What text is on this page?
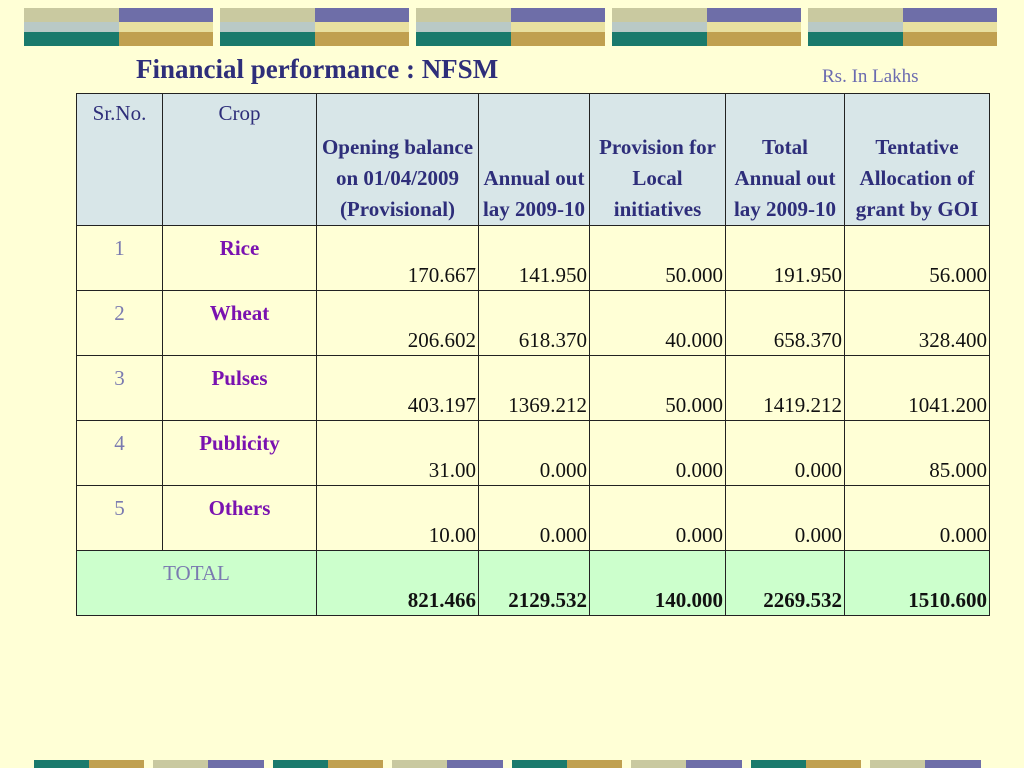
Financial performance : NFSM	Rs. In Lakhs
Sr.No.	Crop	Opening balance on 01/04/2009 (Provisional)	Annual out lay 2009-10	Provision for Local initiatives	Total Annual out lay 2009-10	Tentative Allocation of grant by GOI
1	Rice	170.667	141.950	50.000	191.950	56.000
2	Wheat	206.602	618.370	40.000	658.370	328.400
3	Pulses	403.197	1369.212	50.000	1419.212	1041.200
4	Publicity	31.00	0.000	0.000	0.000	85.000
5	Others	10.00	0.000	0.000	0.000	0.000
TOTAL		821.466	2129.532	140.000	2269.532	1510.600
